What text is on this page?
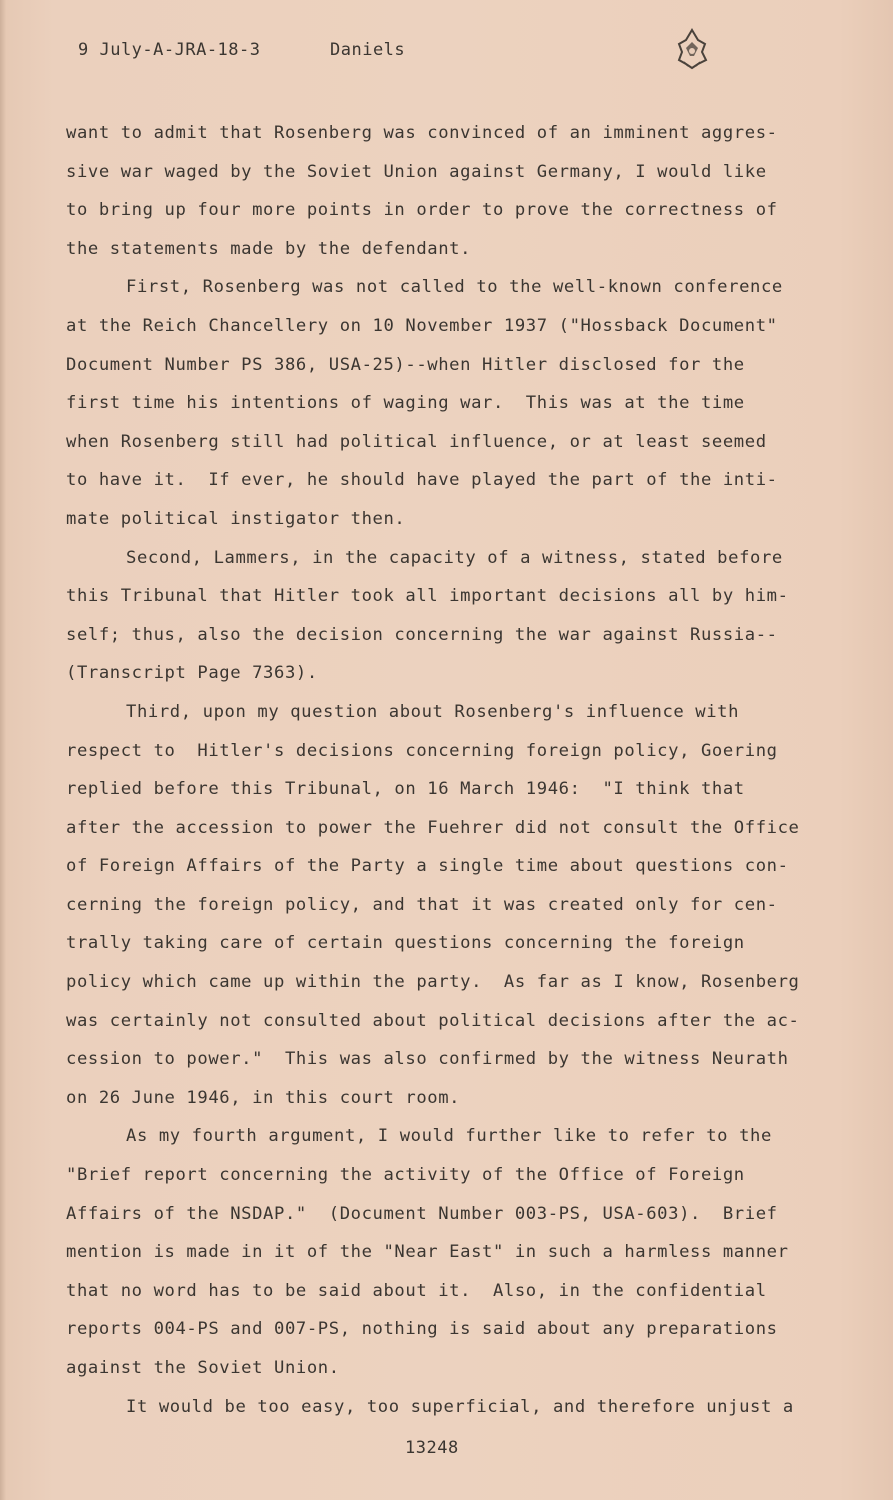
9 July-A-JRA-18-3	Daniels
want to admit that Rosenberg was convinced of an imminent aggres-
sive war waged by the Soviet Union against Germany, I would like
to bring up four more points in order to prove the correctness of
the statements made by the defendant.
First, Rosenberg was not called to the well-known conference
at the Reich Chancellery on 10 November 1937 ("Hossback Document"
Document Number PS 386, USA-25)--when Hitler disclosed for the
first time his intentions of waging war.  This was at the time
when Rosenberg still had political influence, or at least seemed
to have it.  If ever, he should have played the part of the inti-
mate political instigator then.
Second, Lammers, in the capacity of a witness, stated before
this Tribunal that Hitler took all important decisions all by him-
self; thus, also the decision concerning the war against Russia--
(Transcript Page 7363).
Third, upon my question about Rosenberg's influence with
respect to  Hitler's decisions concerning foreign policy, Goering
replied before this Tribunal, on 16 March 1946:  "I think that
after the accession to power the Fuehrer did not consult the Office
of Foreign Affairs of the Party a single time about questions con-
cerning the foreign policy, and that it was created only for cen-
trally taking care of certain questions concerning the foreign
policy which came up within the party.  As far as I know, Rosenberg
was certainly not consulted about political decisions after the ac-
cession to power."  This was also confirmed by the witness Neurath
on 26 June 1946, in this court room.
As my fourth argument, I would further like to refer to the
"Brief report concerning the activity of the Office of Foreign
Affairs of the NSDAP."  (Document Number 003-PS, USA-603).  Brief
mention is made in it of the "Near East" in such a harmless manner
that no word has to be said about it.  Also, in the confidential
reports 004-PS and 007-PS, nothing is said about any preparations
against the Soviet Union.
It would be too easy, too superficial, and therefore unjust a
13248
